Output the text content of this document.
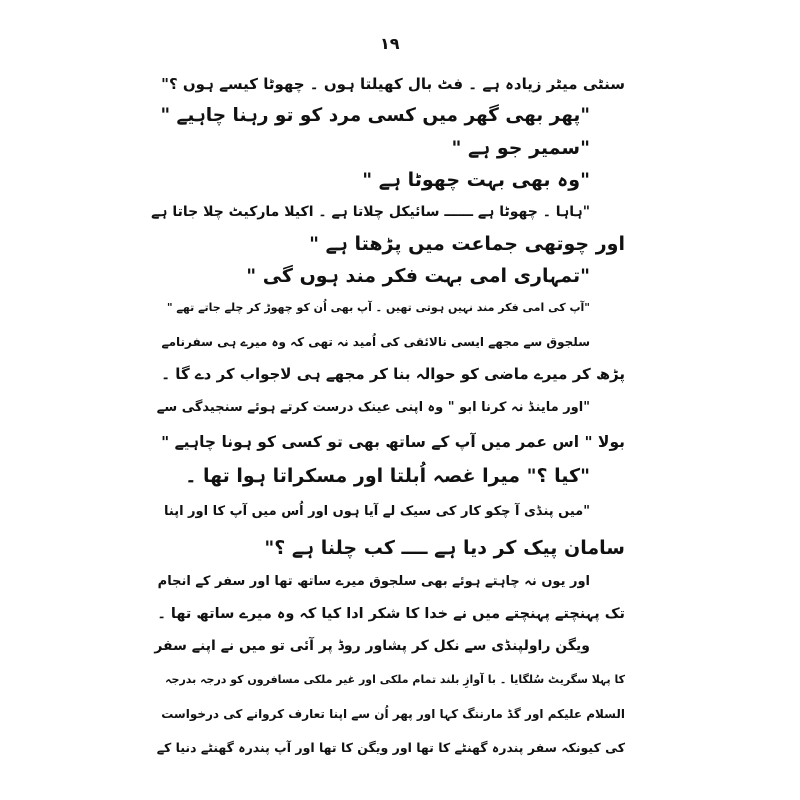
۱۹
سنٹی میٹر زیادہ ہے ۔ فٹ بال کھیلتا ہوں ۔ چھوٹا کیسے ہوں ؟"
"پھر بھی گھر میں کسی مرد کو تو رہنا چاہیے "
"سمیر جو ہے "
"وہ بھی بہت چھوٹا ہے "
"ہاہا ۔ چھوٹا ہے ــــــ سائیکل چلاتا ہے ۔ اکیلا مارکیٹ چلا جاتا ہے
اور چوتھی جماعت میں پڑھتا ہے "
"تمہاری امی بہت فکر مند ہوں گی "
"آپ کی امی فکر مند نہیں ہوتی تھیں ۔ آپ بھی اُن کو چھوڑ کر چلے جاتے تھے "
سلجوق سے مجھے ایسی نالائقی کی اُمید نہ تھی کہ وہ میرے ہی سفرنامے
پڑھ کر میرے ماضی کو حوالہ بنا کر مجھے ہی لاجواب کر دے گا ۔
"اور ماینڈ نہ کرنا ابو " وہ اپنی عینک درست کرتے ہوئے سنجیدگی سے
بولا " اس عمر میں آپ کے ساتھ بھی تو کسی کو ہونا چاہیے "
"کیا ؟" میرا غصہ اُبلتا اور مسکراتا ہوا تھا ۔
"میں پنڈی آ چکو کار کی سیک لے آیا ہوں اور اُس میں آپ کا اور اپنا
سامان پیک کر دیا ہے ــــ کب چلنا ہے ؟"
اور یوں نہ چاہتے ہوئے بھی سلجوق میرے ساتھ تھا اور سفر کے انجام
تک پہنچتے پہنچتے میں نے خدا کا شکر ادا کیا کہ وہ میرے ساتھ تھا ۔
ویگن راولپنڈی سے نکل کر پشاور روڈ پر آئی تو میں نے اپنے سفر
کا پہلا سگریٹ سُلگایا ۔ با آوازِ بلند تمام ملکی اور غیر ملکی مسافروں کو درجہ بدرجہ
السلام علیکم اور گڈ مارننگ کہا اور پھر اُن سے اپنا تعارف کروانے کی درخواست
کی کیونکہ سفر پندرہ گھنٹے کا تھا اور ویگن کا تھا اور آپ پندرہ گھنٹے دنیا کے
